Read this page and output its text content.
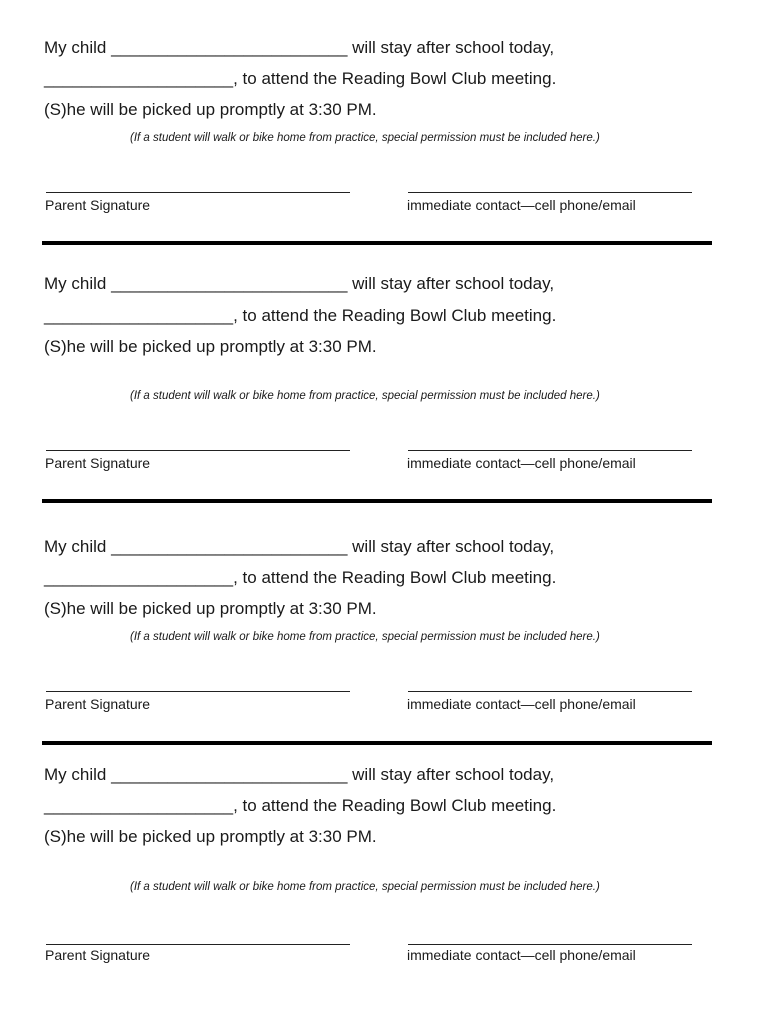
My child _________________________ will stay after school today,
____________________, to attend the Reading Bowl Club meeting.
(S)he will be picked up promptly at 3:30 PM.
(If a student will walk or bike home from practice, special permission must be included here.)
Parent Signature	immediate contact—cell phone/email
My child _________________________ will stay after school today,
____________________, to attend the Reading Bowl Club meeting.
(S)he will be picked up promptly at 3:30 PM.
(If a student will walk or bike home from practice, special permission must be included here.)
Parent Signature	immediate contact—cell phone/email
My child _________________________ will stay after school today,
____________________, to attend the Reading Bowl Club meeting.
(S)he will be picked up promptly at 3:30 PM.
(If a student will walk or bike home from practice, special permission must be included here.)
Parent Signature	immediate contact—cell phone/email
My child _________________________ will stay after school today,
____________________, to attend the Reading Bowl Club meeting.
(S)he will be picked up promptly at 3:30 PM.
(If a student will walk or bike home from practice, special permission must be included here.)
Parent Signature	immediate contact—cell phone/email
